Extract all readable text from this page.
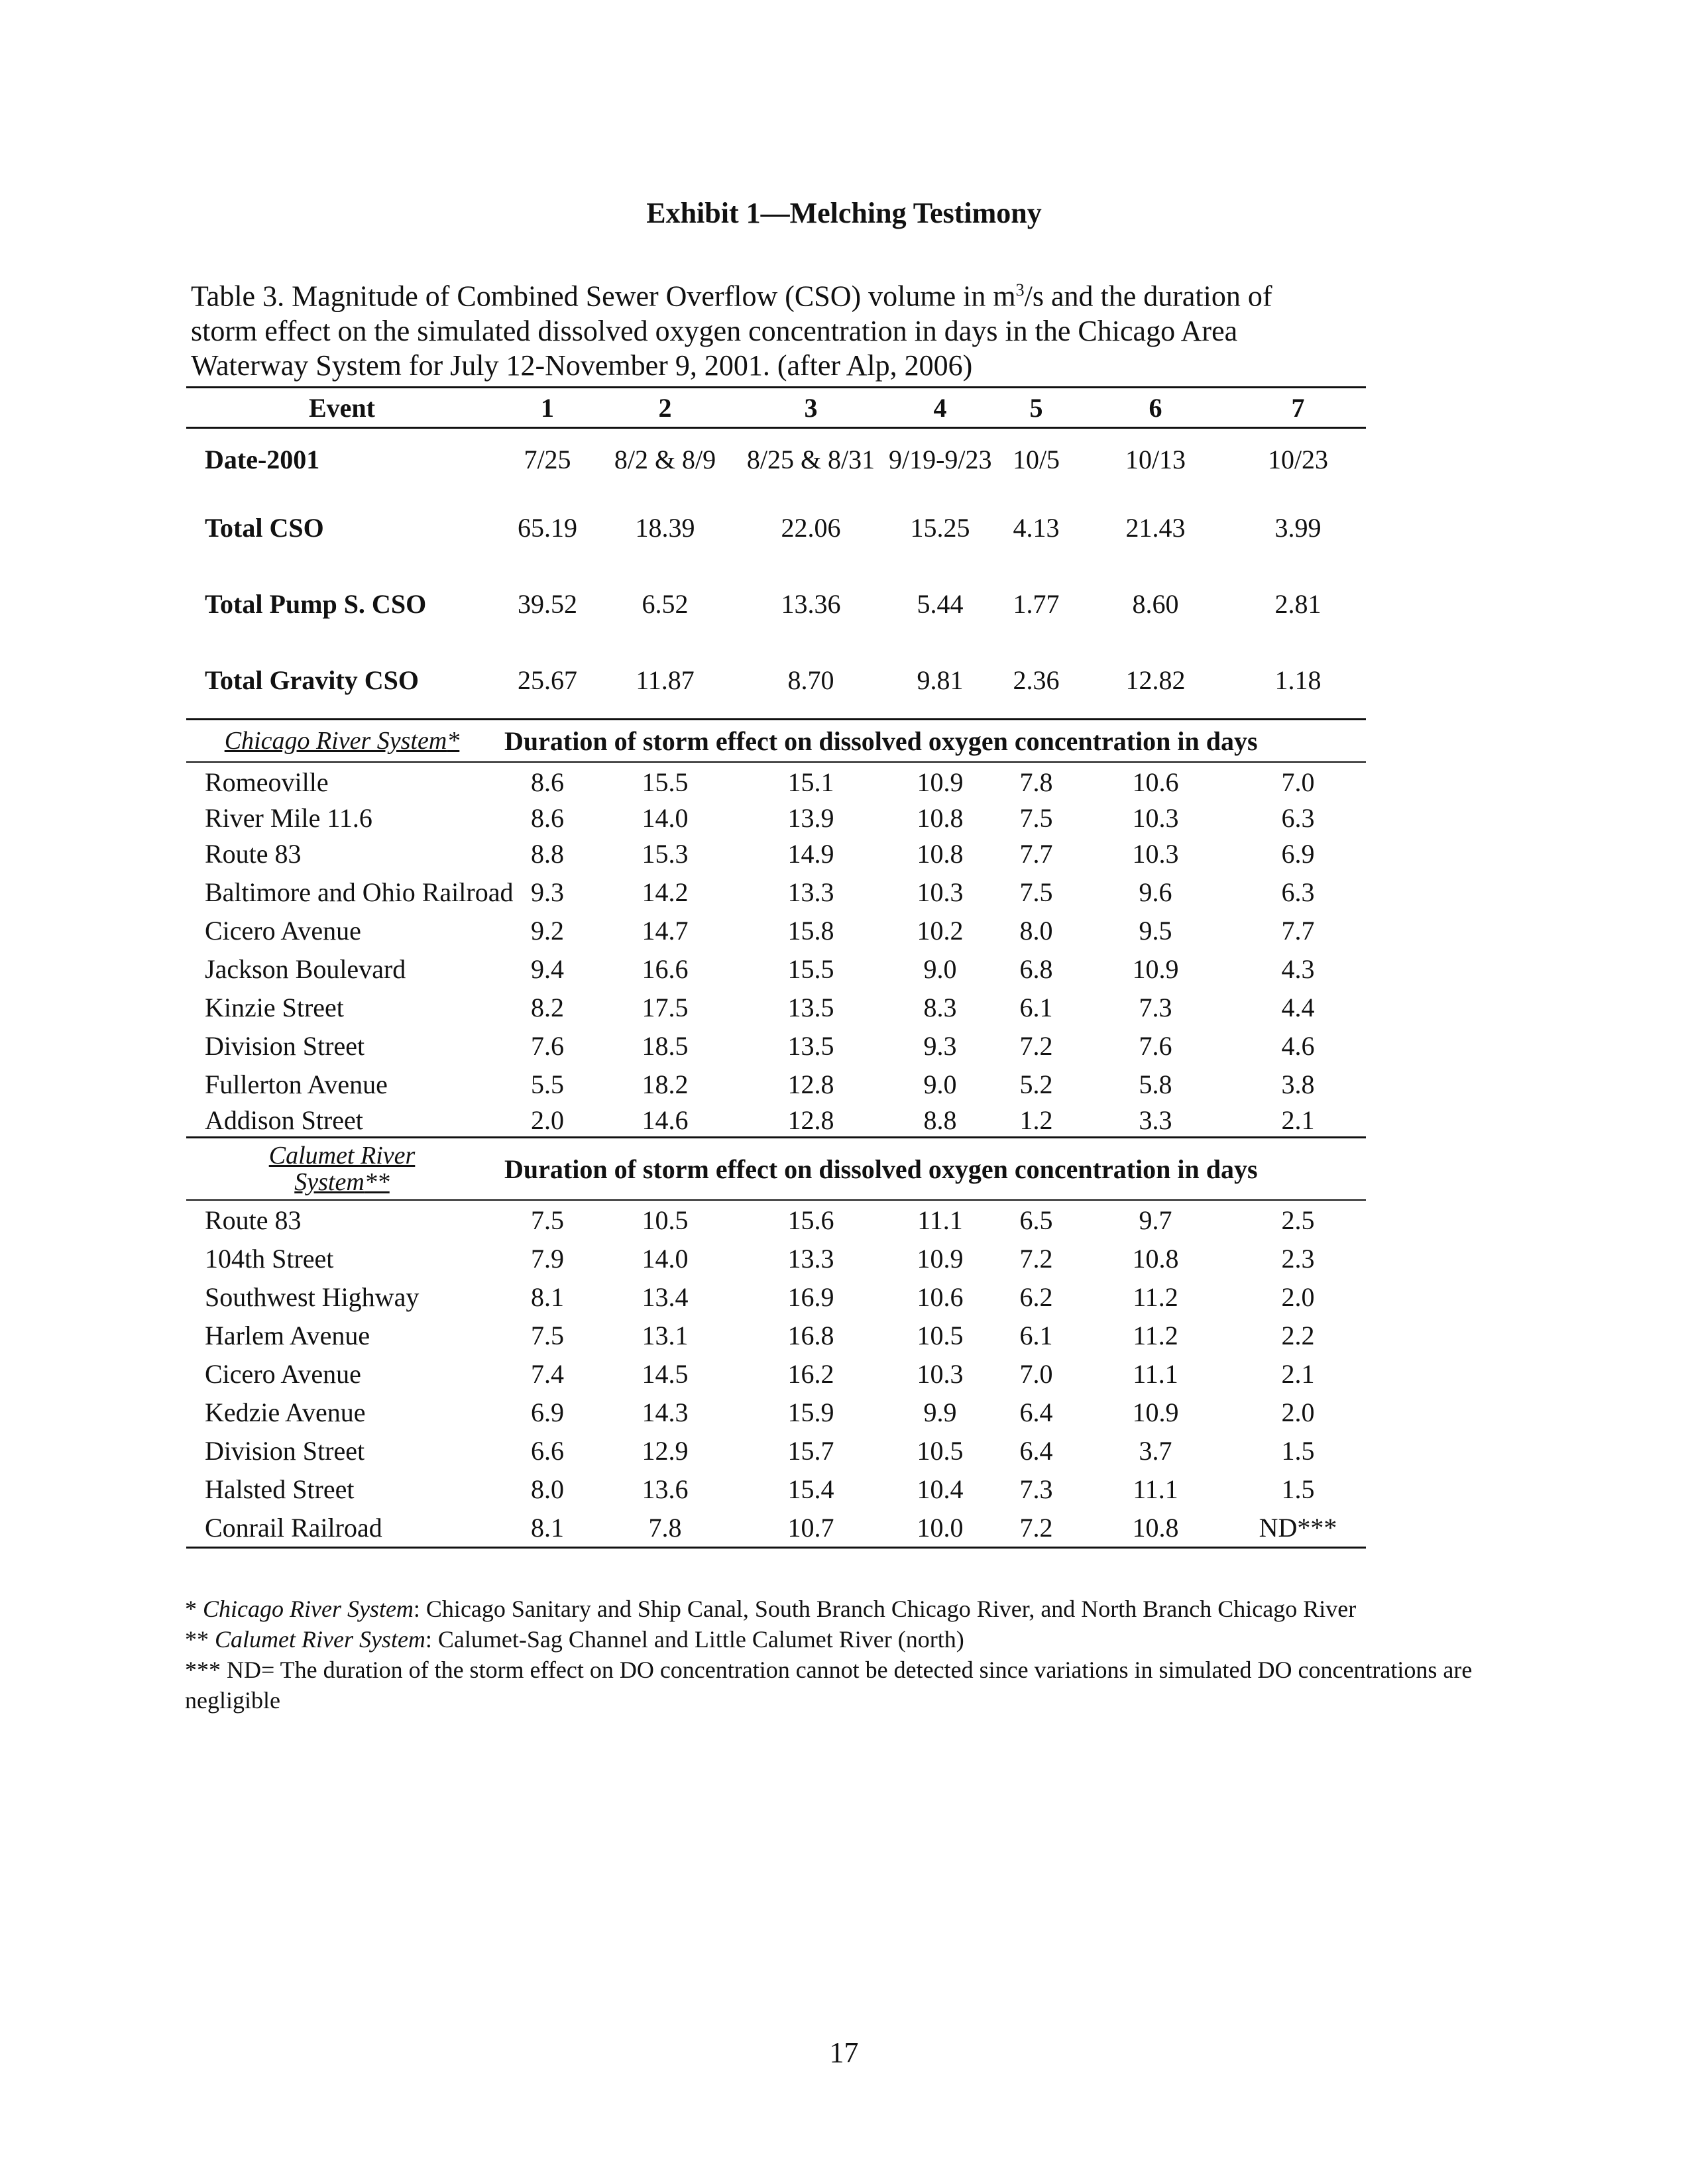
Exhibit 1—Melching Testimony

Table 3. Magnitude of Combined Sewer Overflow (CSO) volume in $m^3/s$ and the duration of

storm effect on the simulated dissolved oxygen concentration in days in the Chicago Area

Waterway System for July 12-November 9, 2001. (after Alp, 2006)

Event	1	2	3	4	5	6	7
Date-2001	7/25	8/2 & 8/9	8/25 & 8/31	9/19-9/23	10/5	10/13	10/23
Total CSO	65.19	18.39	22.06	15.25	4.13	21.43	3.99
Total Pump S. CSO	39.52	6.52	13.36	5.44	1.77	8.60	2.81
Total Gravity CSO	25.67	11.87	8.70	9.81	2.36	12.82	1.18
Chicago River System*	Duration of storm effect on dissolved oxygen concentration in days						
Romeoville	8.6	15.5	15.1	10.9	7.8	10.6	7.0
River Mile 11.6	8.6	14.0	13.9	10.8	7.5	10.3	6.3
Route 83	8.8	15.3	14.9	10.8	7.7	10.3	6.9
Baltimore and Ohio Railroad	9.3	14.2	13.3	10.3	7.5	9.6	6.3
Cicero Avenue	9.2	14.7	15.8	10.2	8.0	9.5	7.7
Jackson Boulevard	9.4	16.6	15.5	9.0	6.8	10.9	4.3
Kinzie Street	8.2	17.5	13.5	8.3	6.1	7.3	4.4
Division Street	7.6	18.5	13.5	9.3	7.2	7.6	4.6
Fullerton Avenue	5.5	18.2	12.8	9.0	5.2	5.8	3.8
Addison Street	2.0	14.6	12.8	8.8	1.2	3.3	2.1
Calumet River
System**	Duration of storm effect on dissolved oxygen concentration in days						
Route 83	7.5	10.5	15.6	11.1	6.5	9.7	2.5
104th Street	7.9	14.0	13.3	10.9	7.2	10.8	2.3
Southwest Highway	8.1	13.4	16.9	10.6	6.2	11.2	2.0
Harlem Avenue	7.5	13.1	16.8	10.5	6.1	11.2	2.2
Cicero Avenue	7.4	14.5	16.2	10.3	7.0	11.1	2.1
Kedzie Avenue	6.9	14.3	15.9	9.9	6.4	10.9	2.0
Division Street	6.6	12.9	15.7	10.5	6.4	3.7	1.5
Halsted Street	8.0	13.6	15.4	10.4	7.3	11.1	1.5
Conrail Railroad	8.1	7.8	10.7	10.0	7.2	10.8	ND***

* Chicago River System: Chicago Sanitary and Ship Canal, South Branch Chicago River, and North Branch Chicago River

** Calumet River System: Calumet-Sag Channel and Little Calumet River (north)

*** ND= The duration of the storm effect on DO concentration cannot be detected since variations in simulated DO concentrations are negligible

17
